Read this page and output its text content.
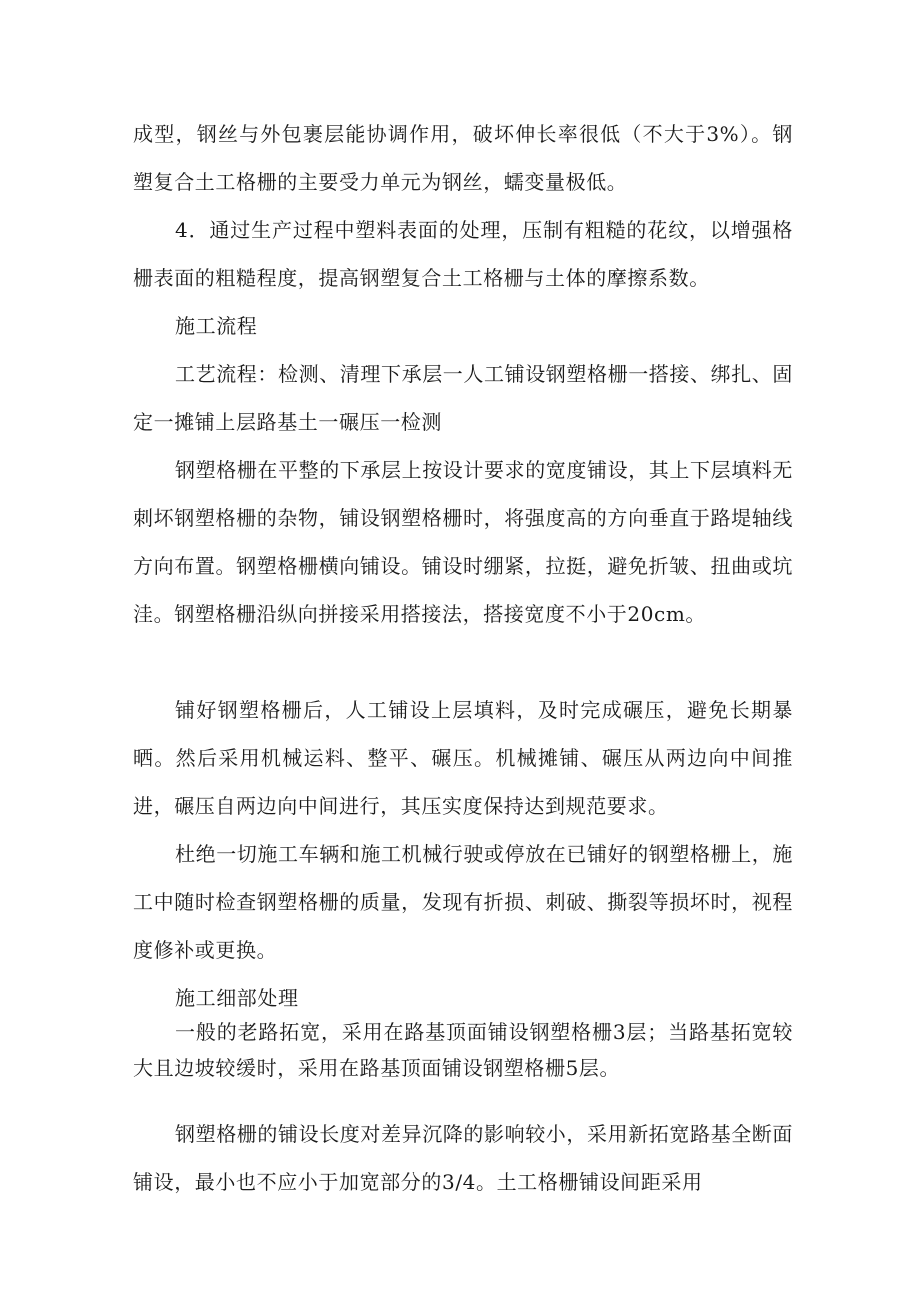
成型，钢丝与外包裹层能协调作用，破坏伸长率很低（不大于3%）。钢塑复合土工格栅的主要受力单元为钢丝，蠕变量极低。

4．通过生产过程中塑料表面的处理，压制有粗糙的花纹，以增强格栅表面的粗糙程度，提高钢塑复合土工格栅与土体的摩擦系数。

施工流程

工艺流程：检测、清理下承层一人工铺设钢塑格栅一搭接、绑扎、固定一摊铺上层路基土一碾压一检测

钢塑格栅在平整的下承层上按设计要求的宽度铺设，其上下层填料无刺坏钢塑格栅的杂物，铺设钢塑格栅时，将强度高的方向垂直于路堤轴线方向布置。钢塑格栅横向铺设。铺设时绷紧，拉挺，避免折皱、扭曲或坑洼。钢塑格栅沿纵向拼接采用搭接法，搭接宽度不小于20cm。

铺好钢塑格栅后，人工铺设上层填料，及时完成碾压，避免长期暴晒。然后采用机械运料、整平、碾压。机械摊铺、碾压从两边向中间推进，碾压自两边向中间进行，其压实度保持达到规范要求。

杜绝一切施工车辆和施工机械行驶或停放在已铺好的钢塑格栅上，施工中随时检查钢塑格栅的质量，发现有折损、刺破、撕裂等损坏时，视程度修补或更换。

施工细部处理

一般的老路拓宽，采用在路基顶面铺设钢塑格栅3层；当路基拓宽较大且边坡较缓时，采用在路基顶面铺设钢塑格栅5层。

钢塑格栅的铺设长度对差异沉降的影响较小，采用新拓宽路基全断面铺设，最小也不应小于加宽部分的3/4。土工格栅铺设间距采用
